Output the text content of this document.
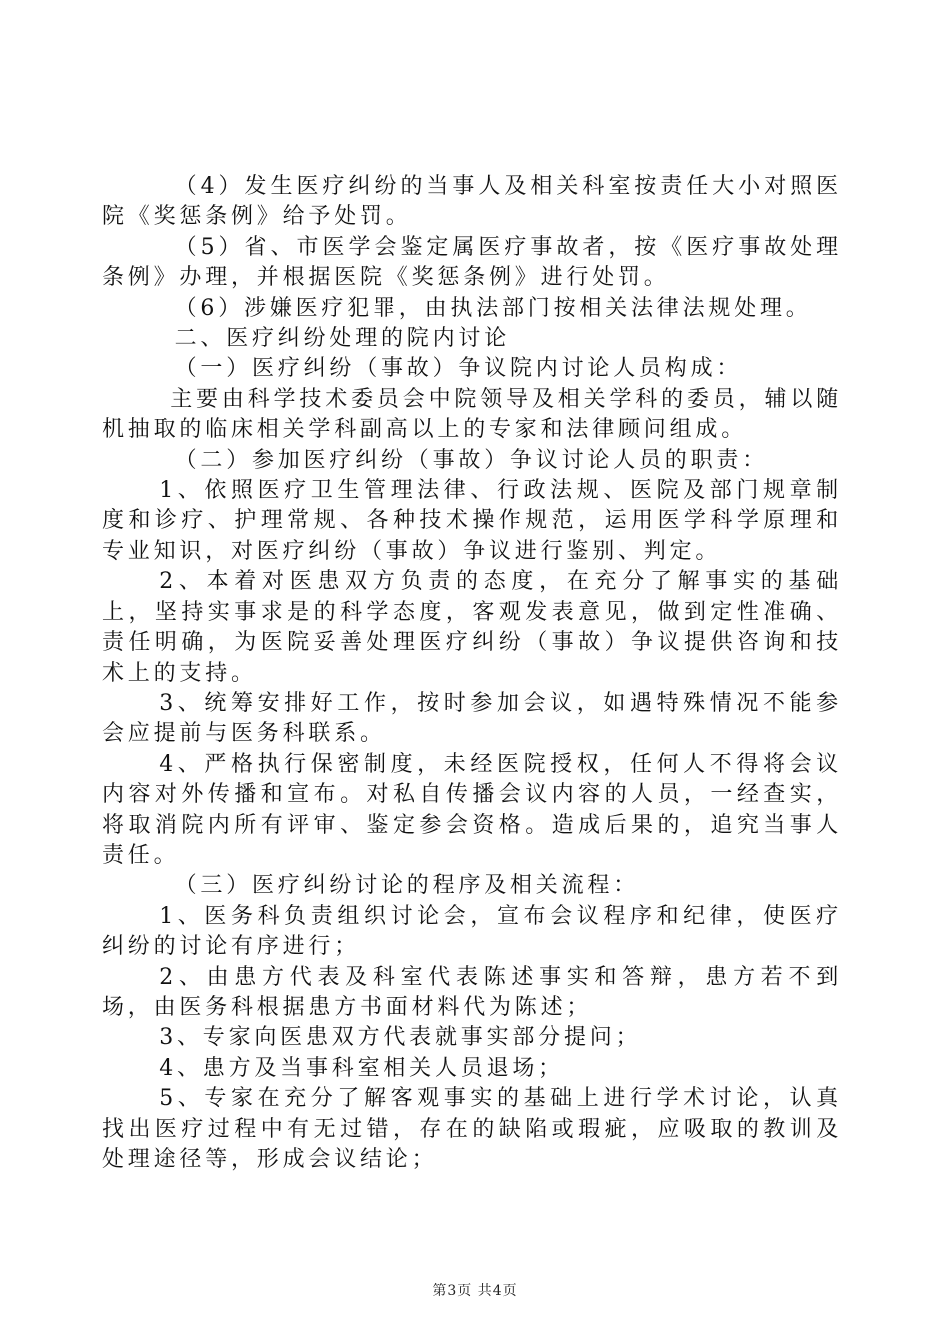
（4）发生医疗纠纷的当事人及相关科室按责任大小对照医院《奖惩条例》给予处罚。

（5）省、市医学会鉴定属医疗事故者，按《医疗事故处理条例》办理，并根据医院《奖惩条例》进行处罚。

（6）涉嫌医疗犯罪，由执法部门按相关法律法规处理。

二、医疗纠纷处理的院内讨论

（一）医疗纠纷（事故）争议院内讨论人员构成：

主要由科学技术委员会中院领导及相关学科的委员，辅以随机抽取的临床相关学科副高以上的专家和法律顾问组成。

（二）参加医疗纠纷（事故）争议讨论人员的职责：

1、依照医疗卫生管理法律、行政法规、医院及部门规章制度和诊疗、护理常规、各种技术操作规范，运用医学科学原理和专业知识，对医疗纠纷（事故）争议进行鉴别、判定。

2、本着对医患双方负责的态度，在充分了解事实的基础上，坚持实事求是的科学态度，客观发表意见，做到定性准确、责任明确，为医院妥善处理医疗纠纷（事故）争议提供咨询和技术上的支持。

3、统筹安排好工作，按时参加会议，如遇特殊情况不能参会应提前与医务科联系。

4、严格执行保密制度，未经医院授权，任何人不得将会议内容对外传播和宣布。对私自传播会议内容的人员，一经查实，将取消院内所有评审、鉴定参会资格。造成后果的，追究当事人责任。

（三）医疗纠纷讨论的程序及相关流程：

1、医务科负责组织讨论会，宣布会议程序和纪律，使医疗纠纷的讨论有序进行；

2、由患方代表及科室代表陈述事实和答辩，患方若不到场，由医务科根据患方书面材料代为陈述；

3、专家向医患双方代表就事实部分提问；

4、患方及当事科室相关人员退场；

5、专家在充分了解客观事实的基础上进行学术讨论，认真找出医疗过程中有无过错，存在的缺陷或瑕疵，应吸取的教训及处理途径等，形成会议结论；

第3页 共4页
